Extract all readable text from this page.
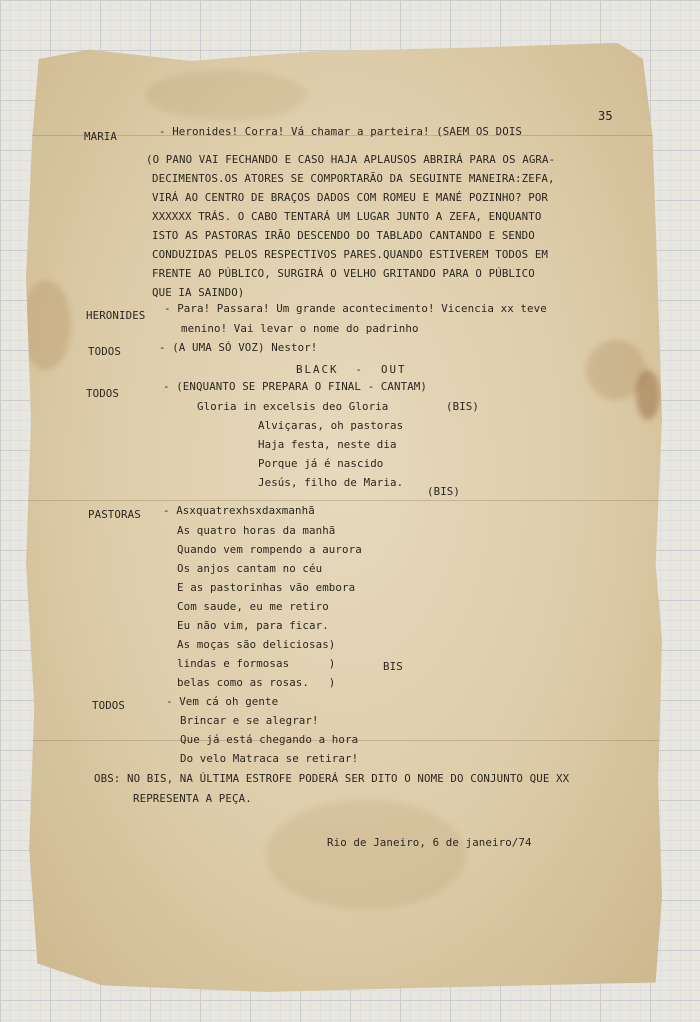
35
MARIA	- Heronides! Corra! Vá chamar a parteira! (SAEM OS DOIS
(O PANO VAI FECHANDO E CASO HAJA APLAUSOS ABRIRÁ PARA OS AGRA-
DECIMENTOS.OS ATORES SE COMPORTARÃO DA SEGUINTE MANEIRA:ZEFA,
VIRÁ AO CENTRO DE BRAÇOS DADOS COM ROMEU E MANÉ POZINHO? POR
XXXXXX TRÁS. O CABO TENTARÁ UM LUGAR JUNTO A ZEFA, ENQUANTO
ISTO AS PASTORAS IRÃO DESCENDO DO TABLADO CANTANDO E SENDO
CONDUZIDAS PELOS RESPECTIVOS PARES.QUANDO ESTIVEREM TODOS EM
FRENTE AO PÚBLICO, SURGIRÁ O VELHO GRITANDO PARA O PÚBLICO
QUE IA SAINDO)
HERONIDES
- Para! Passara! Um grande acontecimento! Vicencia xx teve
menino! Vai levar o nome do padrinho
TODOS	- (A UMA SÓ VOZ) Nestor!
BLACK  -  OUT
TODOS
- (ENQUANTO SE PREPARA O FINAL - CANTAM)
Gloria in excelsis deo Gloria	(BIS)
Alviçaras, oh pastoras
Haja festa, neste dia
Porque já é nascido
Jesús, filho de Maria.
(BIS)
PASTORAS - Asxquatrexhsxdaxmanhã
As quatro horas da manhã
Quando vem rompendo a aurora
Os anjos cantam no céu
E as pastorinhas vão embora
Com saude, eu me retiro
Eu não vim, para ficar.
As moças são deliciosas)
lindas e formosas      )	BIS
belas como as rosas.   )
TODOS	- Vem cá oh gente
Brincar e se alegrar!
Que já está chegando a hora
Do velo Matraca se retirar!
OBS: NO BIS, NA ÚLTIMA ESTROFE PODERÁ SER DITO O NOME DO CONJUNTO QUE XX
REPRESENTA A PEÇA.
Rio de Janeiro, 6 de janeiro/74
